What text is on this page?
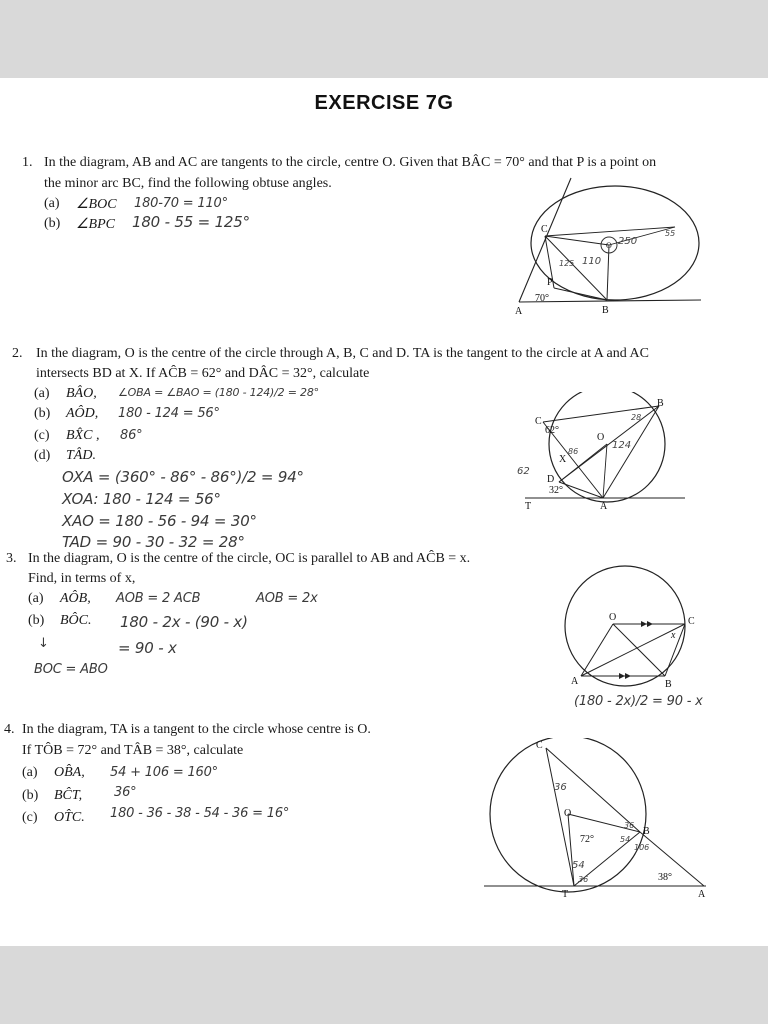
EXERCISE 7G
1. In the diagram, AB and AC are tangents to the circle, centre O. Given that BÂC = 70° and that P is a point on
the minor arc BC, find the following obtuse angles.
(a) ∠BOC 180-70 = 110°
(b) ∠BPC 180 - 55 = 125°	C
O
P
A	B
70°
250
110
125
55
2. In the diagram, O is the centre of the circle through A, B, C and D. TA is the tangent to the circle at A and AC
intersects BD at X. If AĈB = 62° and DÂC = 32°, calculate
(a) BÂO, ∠OBA = ∠BAO = (180 - 124)/2 = 28°
(b) AÔD, 180 - 124 = 56°
(c) BX̂C , 86°
(d) TÂD.
OXA = (360° - 86° - 86°)/2 = 94°
XOA: 180 - 124 = 56°
XAO = 180 - 56 - 94 = 30°
TAD = 90 - 30 - 32 = 28°
C
62°
B
O
X
D
32°
T	A
124
62
86
28
3. In the diagram, O is the centre of the circle, OC is parallel to AB and AĈB = x.
Find, in terms of x,
(a) AÔB, AOB = 2 ACB	AOB = 2x
(b) BÔC. 180 - 2x - (90 - x)
= 90 - x
↓
BOC = ABO
O	C
A	B
x
(180 - 2x)/2 = 90 - x
4. In the diagram, TA is a tangent to the circle whose centre is O.
If TÔB = 72° and TÂB = 38°, calculate
(a) OB̂A, 54 + 106 = 160°
(b) BĈT, 36°
(c) OT̂C. 180 - 36 - 38 - 54 - 36 = 16°
C
O
B
T	A
72°
38°
36
54
106
36
54
36
